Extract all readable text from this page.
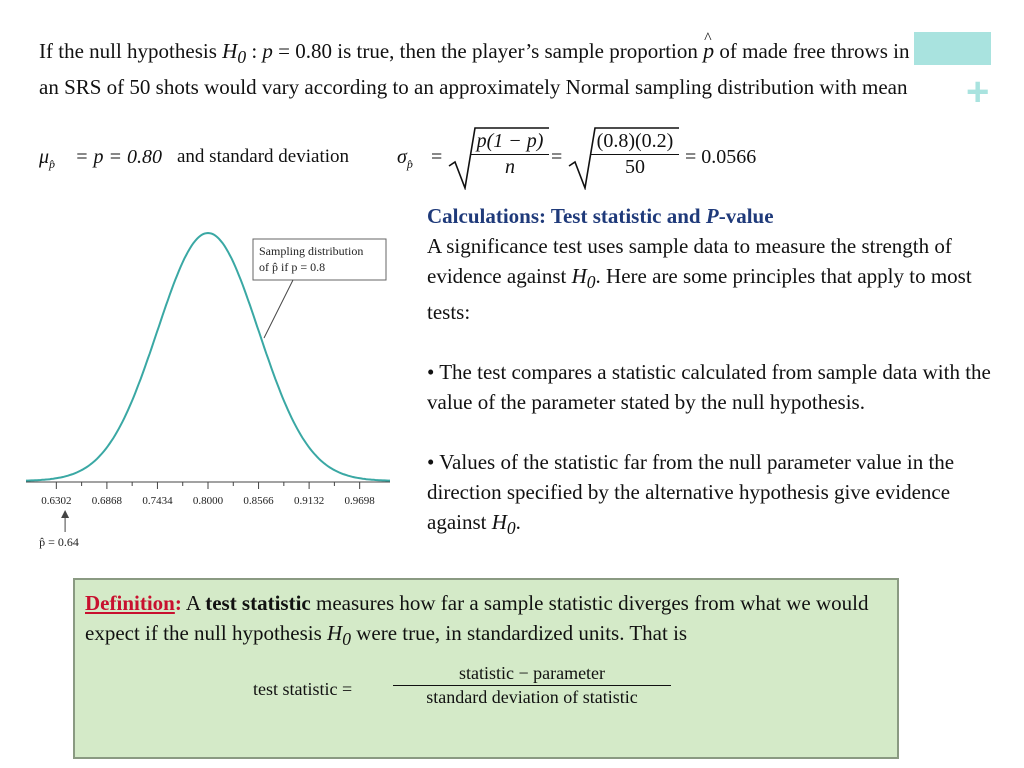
+
If the null hypothesis $H_0$ : p = 0.80 is true, then the player’s sample proportion ^ p of made free throws in an SRS of 50 shots would vary according to an approximately Normal sampling distribution with mean
$\mu_{p̂} = p = 0.80$ and standard deviation $\sigma_{p̂}$ =
p(1 − p)
n	=
(0.8)(0.2)
50	= 0.0566
0.6302 0.6868 0.7434 0.8000 0.8566 0.9132 0.9698
Sampling distribution
of p̂ if p = 0.8
p̂ = 0.64

Calculations: Test statistic and P-value

A significance test uses sample data to measure the strength of evidence against $H_0$. Here are some principles that apply to most tests:

• The test compares a statistic calculated from sample data with the value of the parameter stated by the null hypothesis.

• Values of the statistic far from the null parameter value in the direction specified by the alternative hypothesis give evidence against $H_0$.

Definition: A test statistic measures how far a sample statistic diverges from what we would expect if the null hypothesis $H_0$ were true, in standardized units. That is
test statistic =
statistic − parameter
standard deviation of statistic
